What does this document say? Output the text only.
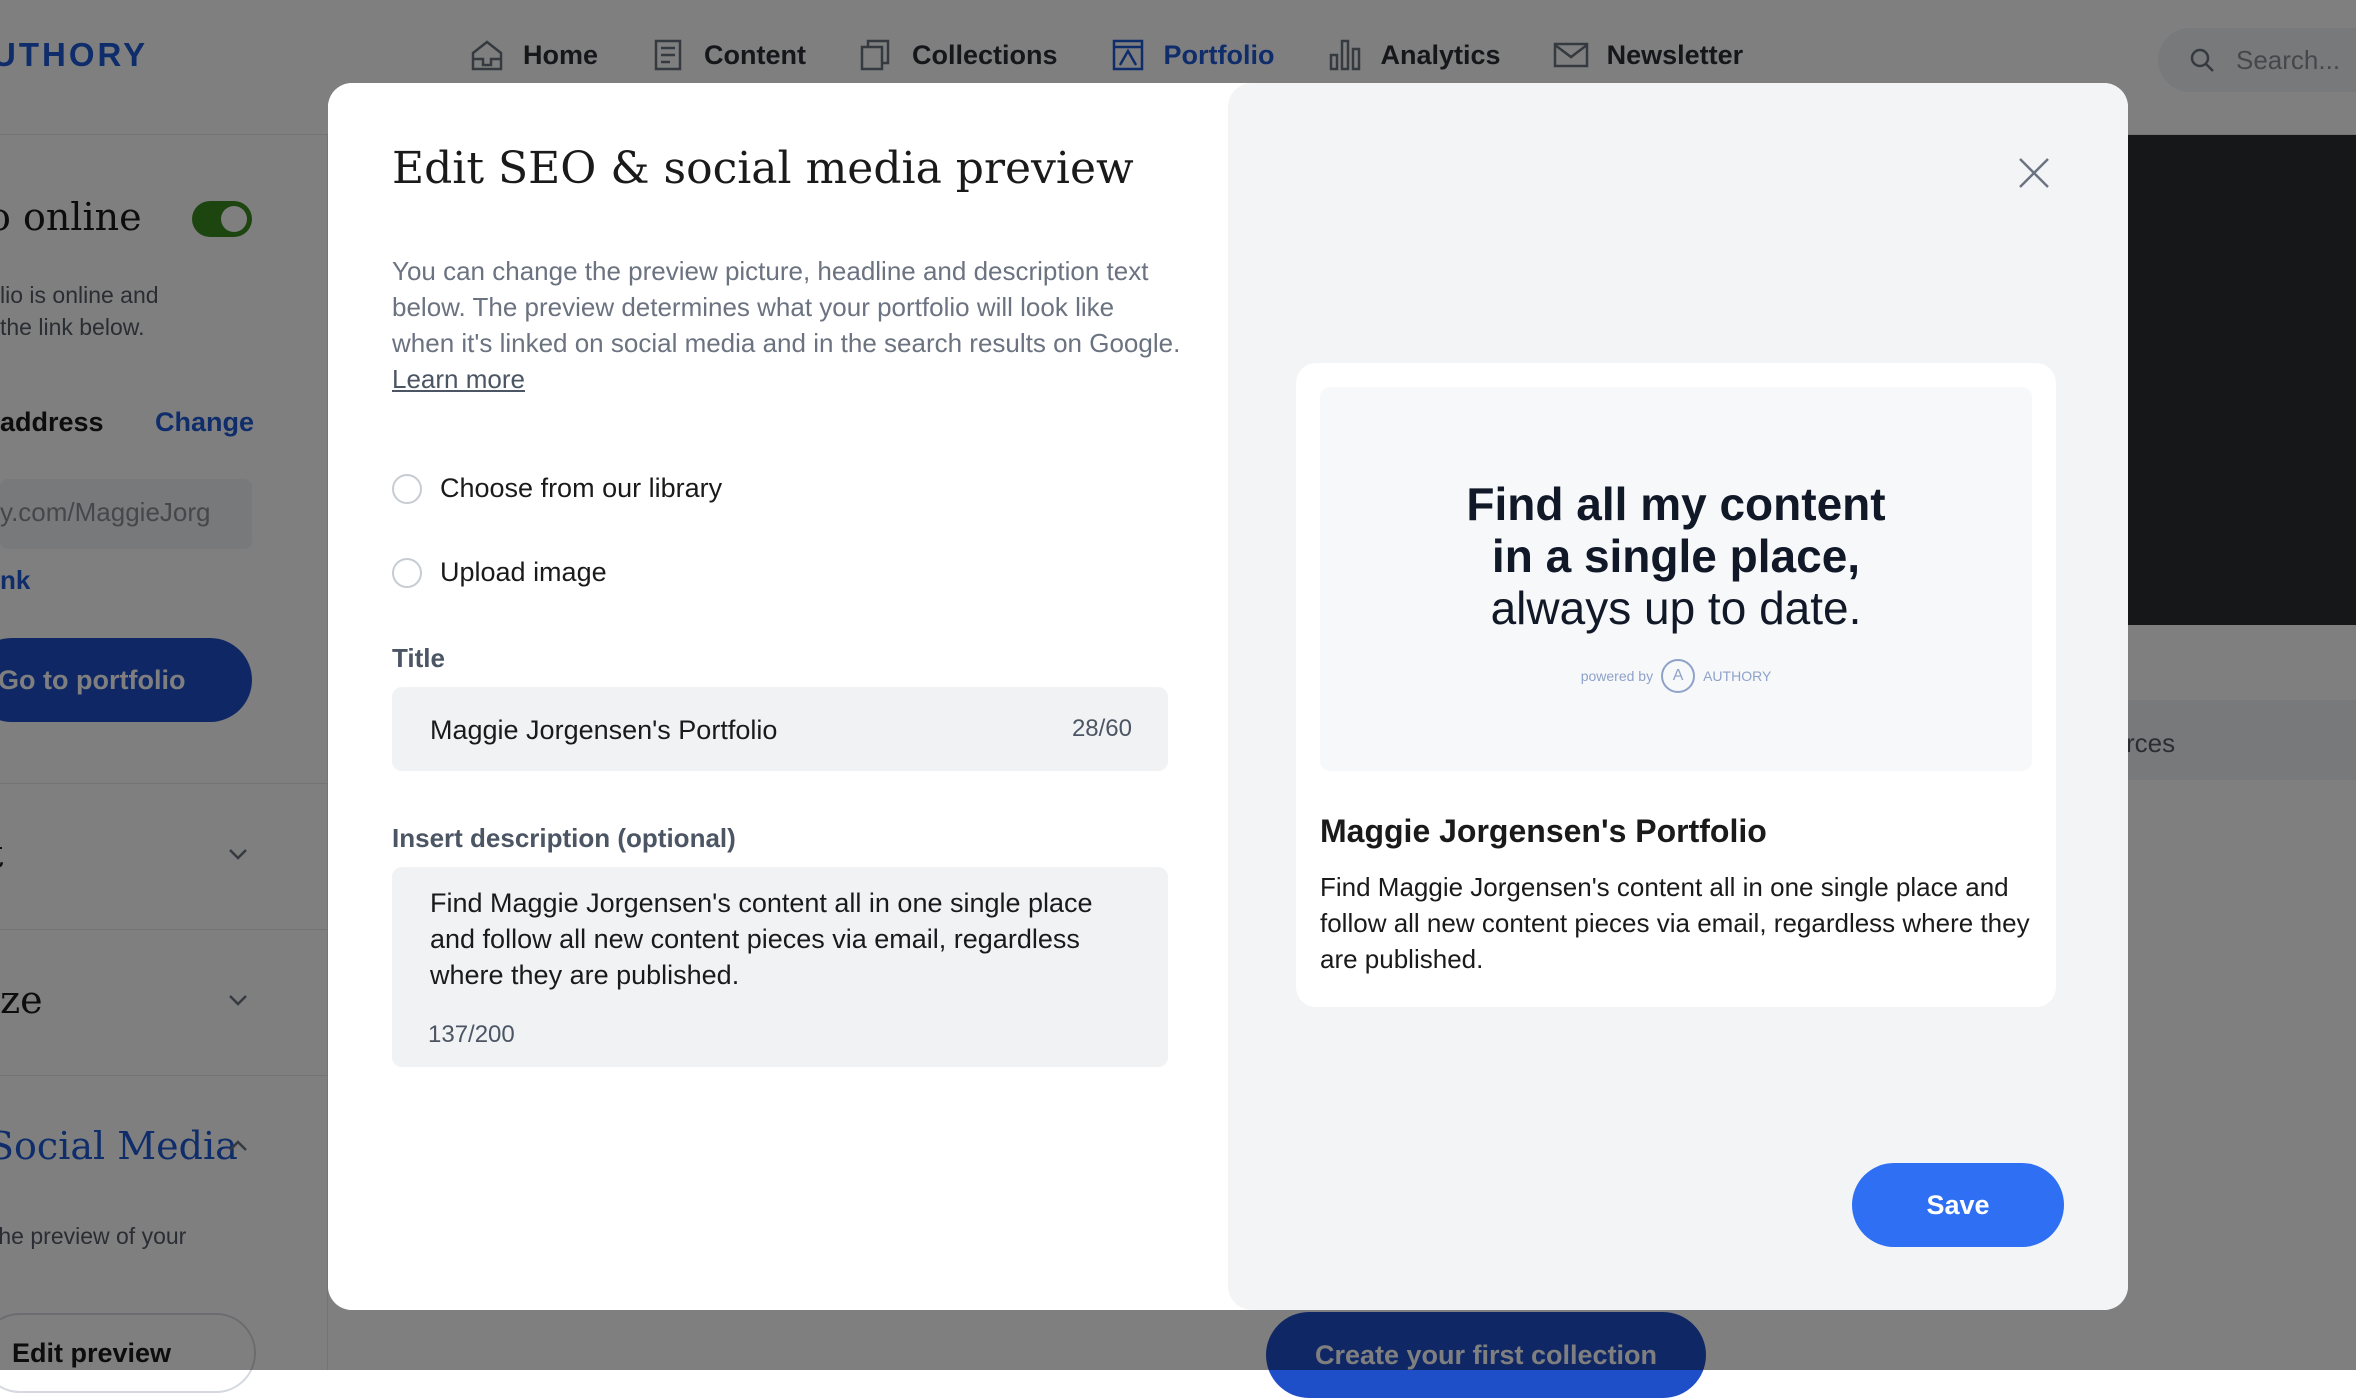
Edit SEO & social media preview
You can change the preview picture, headline and description text below. The preview determines what your portfolio will look like when it's linked on social media and in the search results on Google. Learn more
Choose from our library
Upload image
Title
Maggie Jorgensen's Portfolio	28/60
Insert description (optional)
Find Maggie Jorgensen's content all in one single place and follow all new content pieces via email, regardless where they are published.
137/200
Find all my content
in a single place,
always up to date.
powered by	A	AUTHORY
Maggie Jorgensen's Portfolio
Find Maggie Jorgensen's content all in one single place and follow all new content pieces via email, regardless where they are published.
Save
